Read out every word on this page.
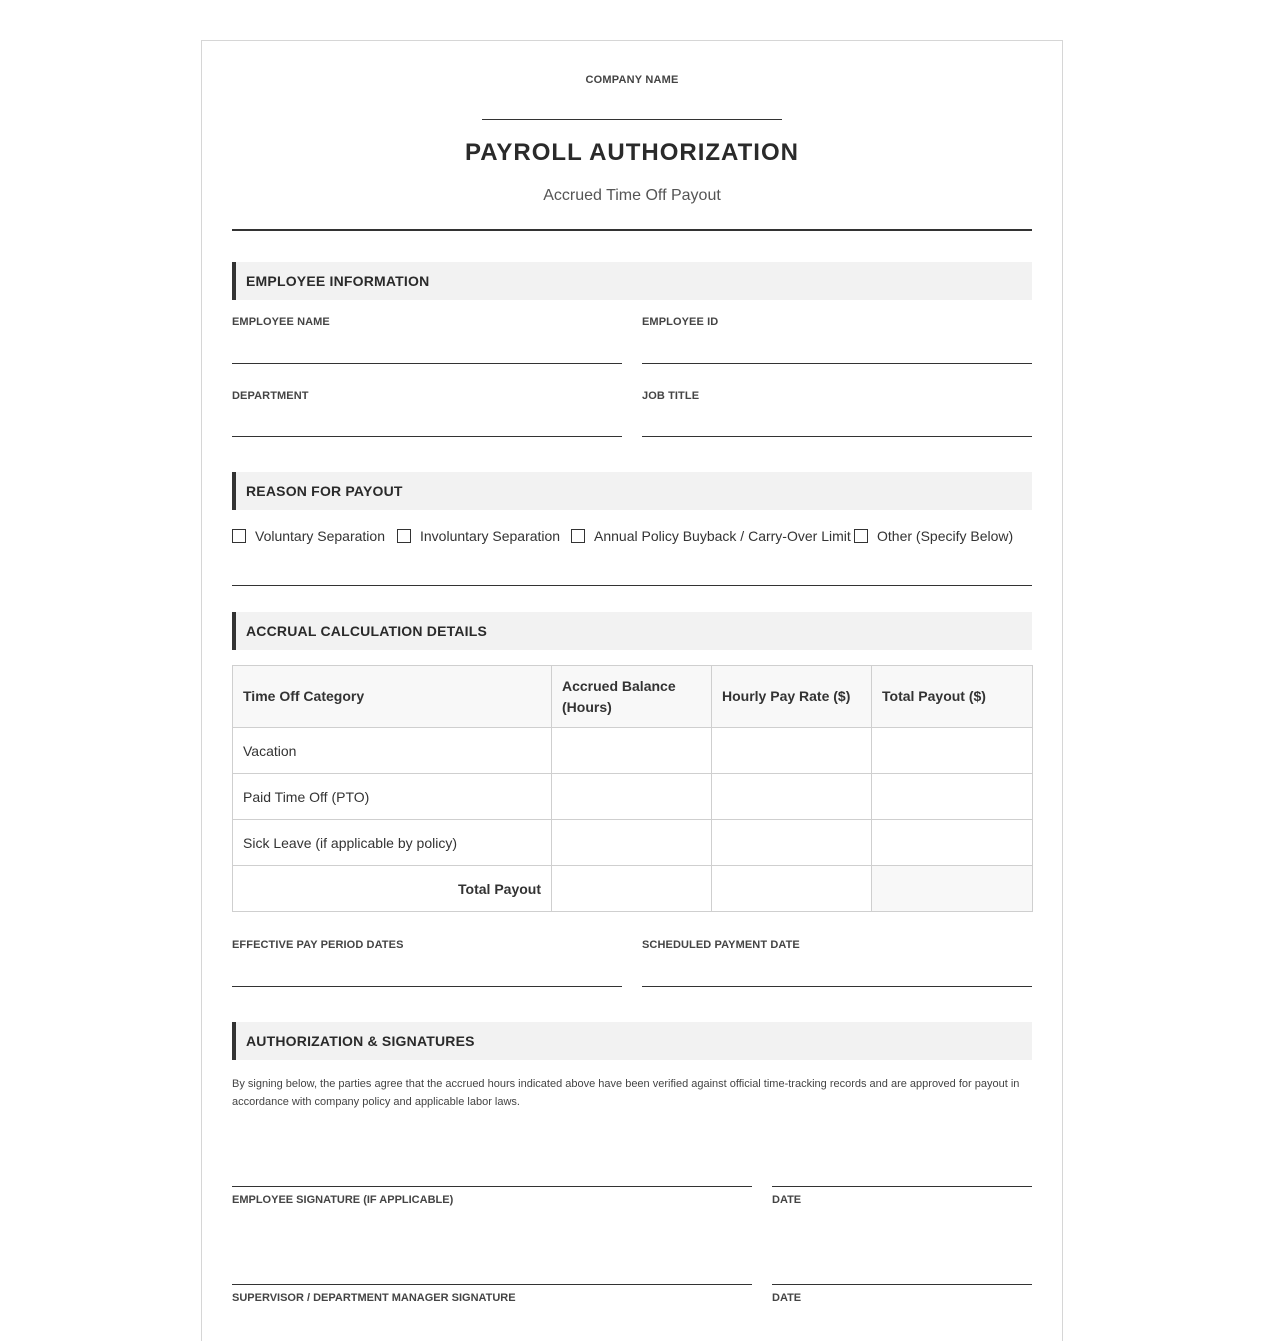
COMPANY NAME
PAYROLL AUTHORIZATION
Accrued Time Off Payout
EMPLOYEE INFORMATION
EMPLOYEE NAME	EMPLOYEE ID
DEPARTMENT	JOB TITLE
REASON FOR PAYOUT
Voluntary Separation	Involuntary Separation Annual Policy Buyback / Carry-Over Limit Other (Specify Below)
ACCRUAL CALCULATION DETAILS
Time Off Category	Accrued Balance (Hours)	Hourly Pay Rate ($)	Total Payout ($)
Vacation			
Paid Time Off (PTO)			
Sick Leave (if applicable by policy)			
Total Payout			
EFFECTIVE PAY PERIOD DATES	SCHEDULED PAYMENT DATE
AUTHORIZATION & SIGNATURES
By signing below, the parties agree that the accrued hours indicated above have been verified against official time-tracking records and are approved for payout in accordance with company policy and applicable labor laws.
EMPLOYEE SIGNATURE (IF APPLICABLE)	DATE
SUPERVISOR / DEPARTMENT MANAGER SIGNATURE	DATE
